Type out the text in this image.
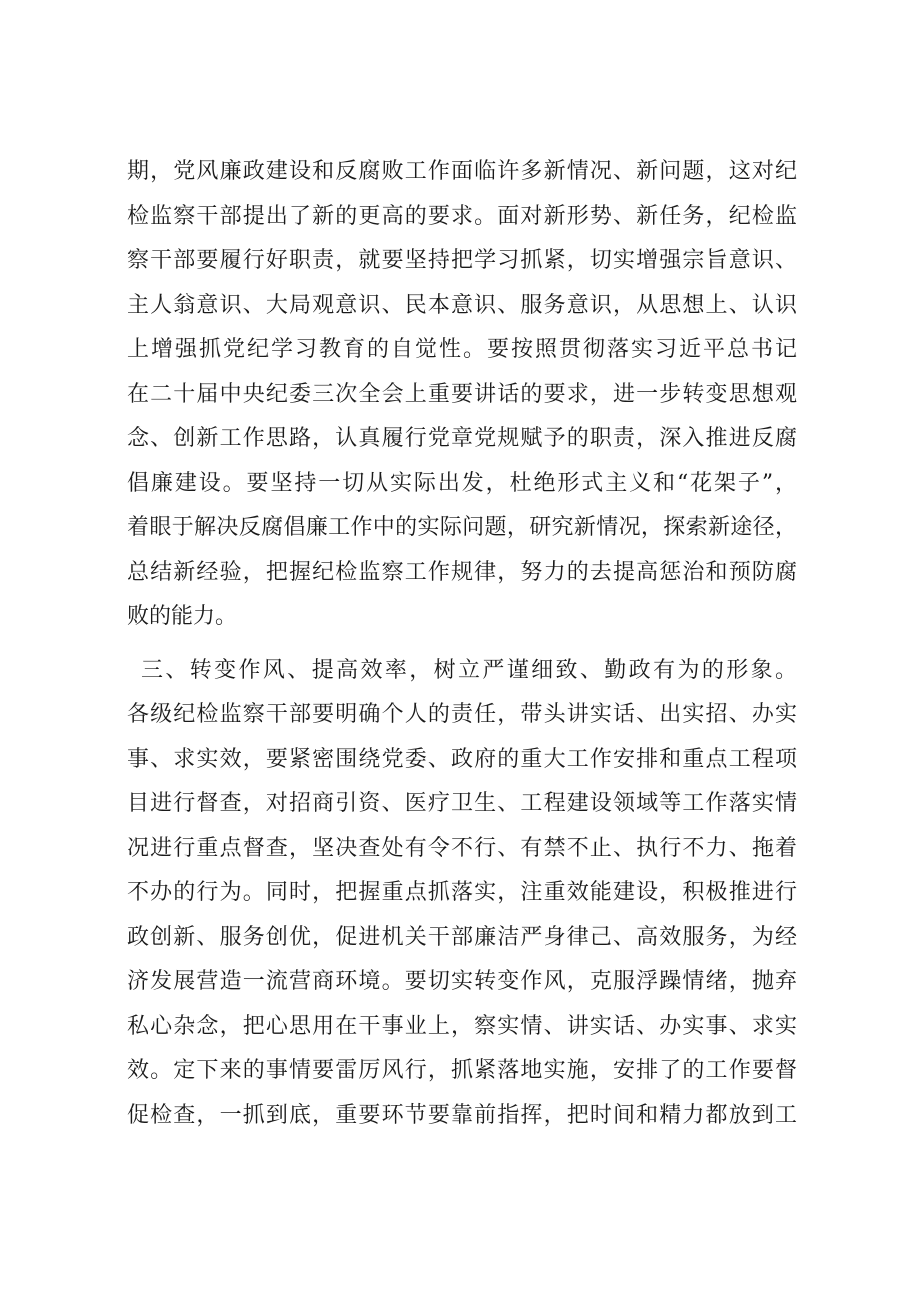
期，党风廉政建设和反腐败工作面临许多新情况、新问题，这对纪
检监察干部提出了新的更高的要求。面对新形势、新任务，纪检监
察干部要履行好职责，就要坚持把学习抓紧，切实增强宗旨意识、
主人翁意识、大局观意识、民本意识、服务意识，从思想上、认识
上增强抓党纪学习教育的自觉性。要按照贯彻落实习近平总书记
在二十届中央纪委三次全会上重要讲话的要求，进一步转变思想观
念、创新工作思路，认真履行党章党规赋予的职责，深入推进反腐
倡廉建设。要坚持一切从实际出发，杜绝形式主义和“花架子”，
着眼于解决反腐倡廉工作中的实际问题，研究新情况，探索新途径，
总结新经验，把握纪检监察工作规律，努力的去提高惩治和预防腐
败的能力。
三、转变作风、提高效率，树立严谨细致、勤政有为的形象。
各级纪检监察干部要明确个人的责任，带头讲实话、出实招、办实
事、求实效，要紧密围绕党委、政府的重大工作安排和重点工程项
目进行督查，对招商引资、医疗卫生、工程建设领域等工作落实情
况进行重点督查，坚决查处有令不行、有禁不止、执行不力、拖着
不办的行为。同时，把握重点抓落实，注重效能建设，积极推进行
政创新、服务创优，促进机关干部廉洁严身律己、高效服务，为经
济发展营造一流营商环境。要切实转变作风，克服浮躁情绪，抛弃
私心杂念，把心思用在干事业上，察实情、讲实话、办实事、求实
效。定下来的事情要雷厉风行，抓紧落地实施，安排了的工作要督
促检查，一抓到底，重要环节要靠前指挥，把时间和精力都放到工
